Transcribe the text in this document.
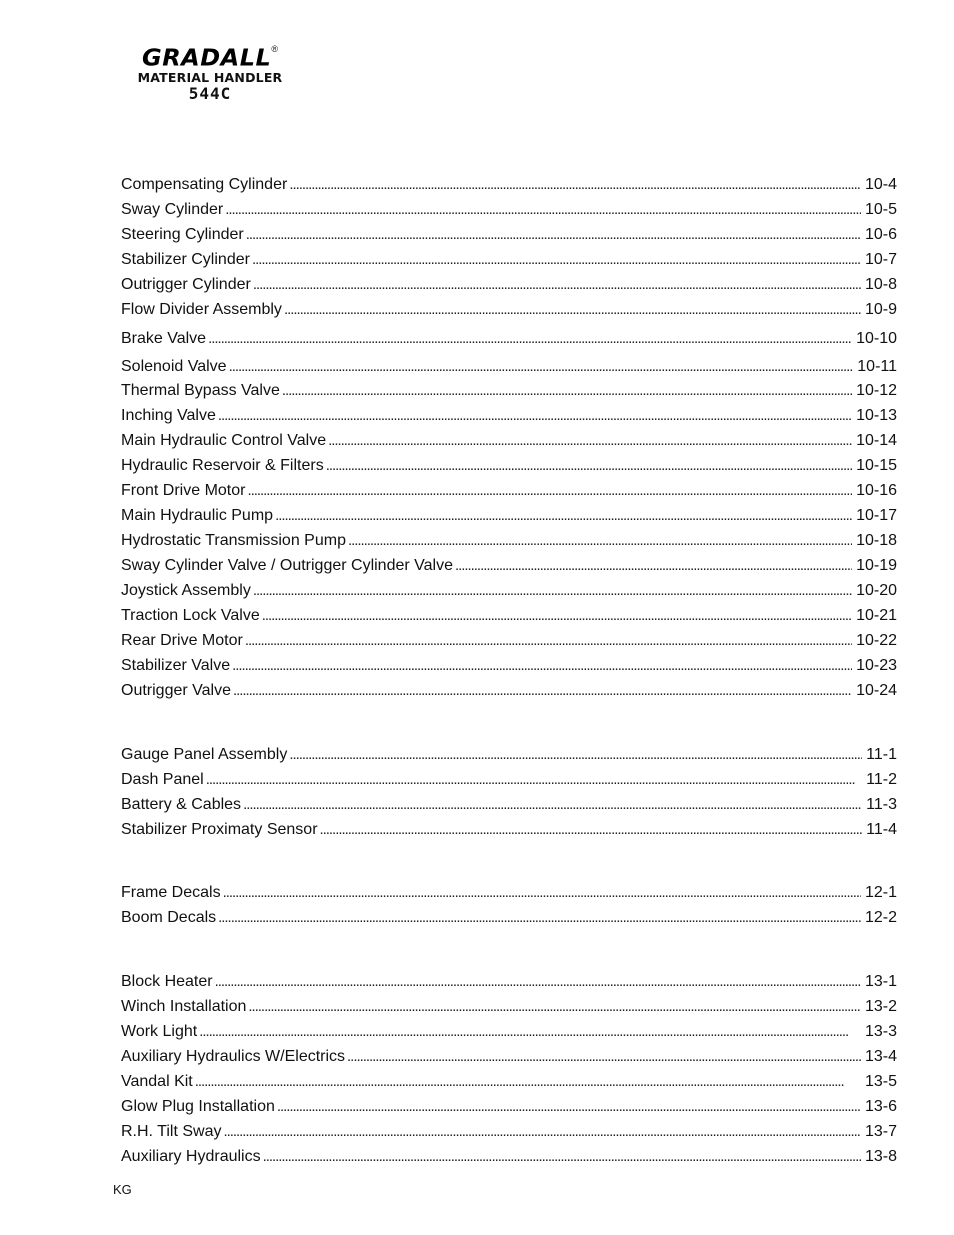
GRADALL®
MATERIAL HANDLER
544C
Compensating Cylinder . . .	10-4
Sway Cylinder . . .	10-5
Steering Cylinder . . .	10-6
Stabilizer Cylinder . . .	10-7
Outrigger Cylinder . . .	10-8
Flow Divider Assembly . . .	10-9
Brake Valve . . .	10-10
Solenoid Valve . . .	10-11
Thermal Bypass Valve . . .	10-12
Inching Valve . . .	10-13
Main Hydraulic Control Valve . . .	10-14
Hydraulic Reservoir & Filters . . .	10-15
Front Drive Motor . . .	10-16
Main Hydraulic Pump . . .	10-17
Hydrostatic Transmission Pump . . .	10-18
Sway Cylinder Valve / Outrigger Cylinder Valve . . .	10-19
Joystick Assembly . . .	10-20
Traction Lock Valve . . .	10-21
Rear Drive Motor . . .	10-22
Stabilizer Valve . . .	10-23
Outrigger Valve . . .	10-24
Gauge Panel Assembly . . .	11-1
Dash Panel . . .	11-2
Battery & Cables . . .	11-3
Stabilizer Proximaty Sensor . . .	11-4
Frame Decals . . .	12-1
Boom Decals . . .	12-2
Block Heater . . .	13-1
Winch Installation . . .	13-2
Work Light . . .	13-3
Auxiliary Hydraulics W/Electrics . . .	13-4
Vandal Kit . . .	13-5
Glow Plug Installation . . .	13-6
R.H. Tilt Sway . . .	13-7
Auxiliary Hydraulics . . .	13-8
KG
